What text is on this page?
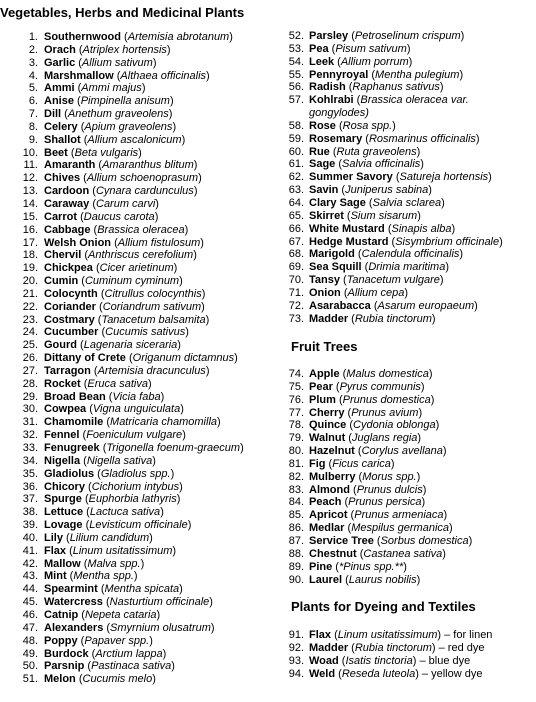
Vegetables, Herbs and Medicinal Plants
1. Southernwood (Artemisia abrotanum)
2. Orach (Atriplex hortensis)
3. Garlic (Allium sativum)
4. Marshmallow (Althaea officinalis)
5. Ammi (Ammi majus)
6. Anise (Pimpinella anisum)
7. Dill (Anethum graveolens)
8. Celery (Apium graveolens)
9. Shallot (Allium ascalonicum)
10. Beet (Beta vulgaris)
11. Amaranth (Amaranthus blitum)
12. Chives (Allium schoenoprasum)
13. Cardoon (Cynara cardunculus)
14. Caraway (Carum carvi)
15. Carrot (Daucus carota)
16. Cabbage (Brassica oleracea)
17. Welsh Onion (Allium fistulosum)
18. Chervil (Anthriscus cerefolium)
19. Chickpea (Cicer arietinum)
20. Cumin (Cuminum cyminum)
21. Colocynth (Citrullus colocynthis)
22. Coriander (Coriandrum sativum)
23. Costmary (Tanacetum balsamita)
24. Cucumber (Cucumis sativus)
25. Gourd (Lagenaria siceraria)
26. Dittany of Crete (Origanum dictamnus)
27. Tarragon (Artemisia dracunculus)
28. Rocket (Eruca sativa)
29. Broad Bean (Vicia faba)
30. Cowpea (Vigna unguiculata)
31. Chamomile (Matricaria chamomilla)
32. Fennel (Foeniculum vulgare)
33. Fenugreek (Trigonella foenum-graecum)
34. Nigella (Nigella sativa)
35. Gladiolus (Gladiolus spp.)
36. Chicory (Cichorium intybus)
37. Spurge (Euphorbia lathyris)
38. Lettuce (Lactuca sativa)
39. Lovage (Levisticum officinale)
40. Lily (Lilium candidum)
41. Flax (Linum usitatissimum)
42. Mallow (Malva spp.)
43. Mint (Mentha spp.)
44. Spearmint (Mentha spicata)
45. Watercress (Nasturtium officinale)
46. Catnip (Nepeta cataria)
47. Alexanders (Smyrnium olusatrum)
48. Poppy (Papaver spp.)
49. Burdock (Arctium lappa)
50. Parsnip (Pastinaca sativa)
51. Melon (Cucumis melo)
52. Parsley (Petroselinum crispum)
53. Pea (Pisum sativum)
54. Leek (Allium porrum)
55. Pennyroyal (Mentha pulegium)
56. Radish (Raphanus sativus)
57. Kohlrabi (Brassica oleracea var.
gongylodes)
58. Rose (Rosa spp.)
59. Rosemary (Rosmarinus officinalis)
60. Rue (Ruta graveolens)
61. Sage (Salvia officinalis)
62. Summer Savory (Satureja hortensis)
63. Savin (Juniperus sabina)
64. Clary Sage (Salvia sclarea)
65. Skirret (Sium sisarum)
66. White Mustard (Sinapis alba)
67. Hedge Mustard (Sisymbrium officinale)
68. Marigold (Calendula officinalis)
69. Sea Squill (Drimia maritima)
70. Tansy (Tanacetum vulgare)
71. Onion (Allium cepa)
72. Asarabacca (Asarum europaeum)
73. Madder (Rubia tinctorum)
Fruit Trees
74. Apple (Malus domestica)
75. Pear (Pyrus communis)
76. Plum (Prunus domestica)
77. Cherry (Prunus avium)
78. Quince (Cydonia oblonga)
79. Walnut (Juglans regia)
80. Hazelnut (Corylus avellana)
81. Fig (Ficus carica)
82. Mulberry (Morus spp.)
83. Almond (Prunus dulcis)
84. Peach (Prunus persica)
85. Apricot (Prunus armeniaca)
86. Medlar (Mespilus germanica)
87. Service Tree (Sorbus domestica)
88. Chestnut (Castanea sativa)
89. Pine (*Pinus spp.**)
90. Laurel (Laurus nobilis)
Plants for Dyeing and Textiles
91. Flax (Linum usitatissimum) – for linen
92. Madder (Rubia tinctorum) – red dye
93. Woad (Isatis tinctoria) – blue dye
94. Weld (Reseda luteola) – yellow dye
